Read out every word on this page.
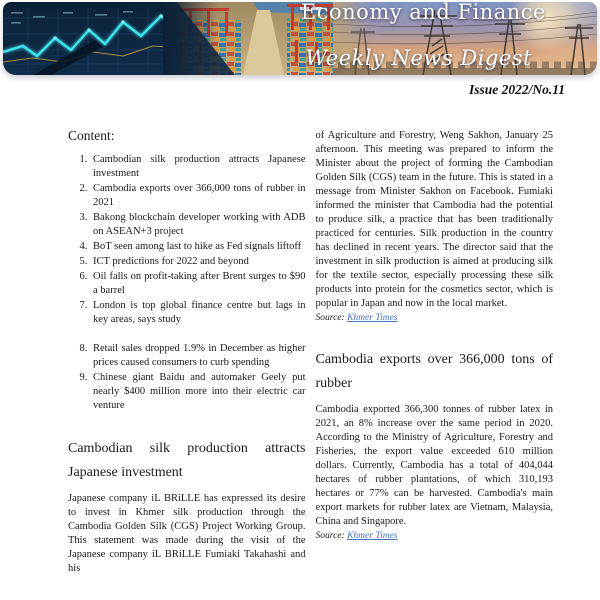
Economy and Finance
Weekly News Digest
Issue 2022/No.11
Content:
1. Cambodian silk production attracts Japanese investment
2. Cambodia exports over 366,000 tons of rubber in 2021
3. Bakong blockchain developer working with ADB on ASEAN+3 project
4. BoT seen among last to hike as Fed signals liftoff
5. ICT predictions for 2022 and beyond
6. Oil falls on profit-taking after Brent surges to $90 a barrel
7. London is top global finance centre but lags in key areas, says study
8. Retail sales dropped 1.9% in December as higher prices caused consumers to curb spending
9. Chinese giant Baidu and automaker Geely put nearly $400 million more into their electric car venture
Cambodian silk production attracts Japanese investment

Japanese company iL BRiLLE has expressed its desire to invest in Khmer silk production through the Cambodia Golden Silk (CGS) Project Working Group. This statement was made during the visit of the Japanese company iL BRiLLE Fumiaki Takahashi and his

of Agriculture and Forestry, Weng Sakhon, January 25 afternoon. This meeting was prepared to inform the Minister about the project of forming the Cambodian Golden Silk (CGS) team in the future. This is stated in a message from Minister Sakhon on Facebook. Fumiaki informed the minister that Cambodia had the potential to produce silk, a practice that has been traditionally practiced for centuries. Silk production in the country has declined in recent years. The director said that the investment in silk production is aimed at producing silk for the textile sector, especially processing these silk products into protein for the cosmetics sector, which is popular in Japan and now in the local market.

Source: Khmer Times

Cambodia exports over 366,000 tons of rubber

Cambodia exported 366,300 tonnes of rubber latex in 2021, an 8% increase over the same period in 2020. According to the Ministry of Agriculture, Forestry and Fisheries, the export value exceeded 610 million dollars. Currently, Cambodia has a total of 404,044 hectares of rubber plantations, of which 310,193 hectares or 77% can be harvested. Cambodia's main export markets for rubber latex are Vietnam, Malaysia, China and Singapore.

Source: Khmer Times
